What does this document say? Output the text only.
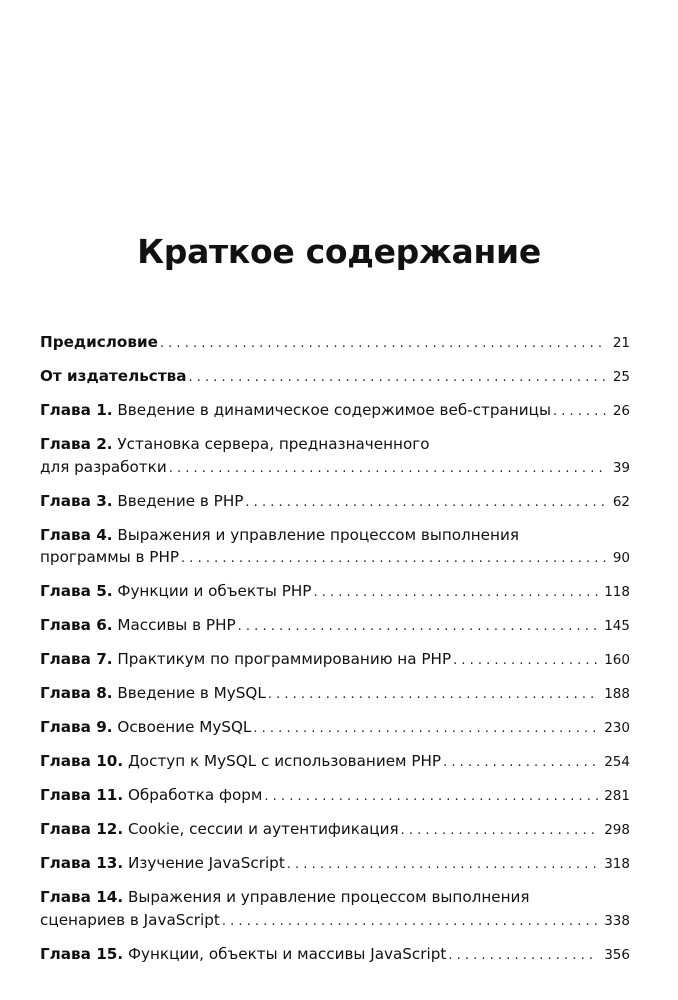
Краткое содержание
Предисловие . . .	21
От издательства . . .	25
Глава 1. Введение в динамическое содержимое веб-страницы . . .	26
Глава 2. Установка сервера, предназначенного
для разработки . . .	39
Глава 3. Введение в PHP . . .	62
Глава 4. Выражения и управление процессом выполнения
программы в PHP . . .	90
Глава 5. Функции и объекты PHP . . .	118
Глава 6. Массивы в PHP . . .	145
Глава 7. Практикум по программированию на PHP . . .	160
Глава 8. Введение в MySQL . . .	188
Глава 9. Освоение MySQL . . .	230
Глава 10. Доступ к MySQL с использованием PHP . . .	254
Глава 11. Обработка форм . . .	281
Глава 12. Cookie, сессии и аутентификация . . .	298
Глава 13. Изучение JavaScript . . .	318
Глава 14. Выражения и управление процессом выполнения
сценариев в JavaScript . . .	338
Глава 15. Функции, объекты и массивы JavaScript . . .	356
